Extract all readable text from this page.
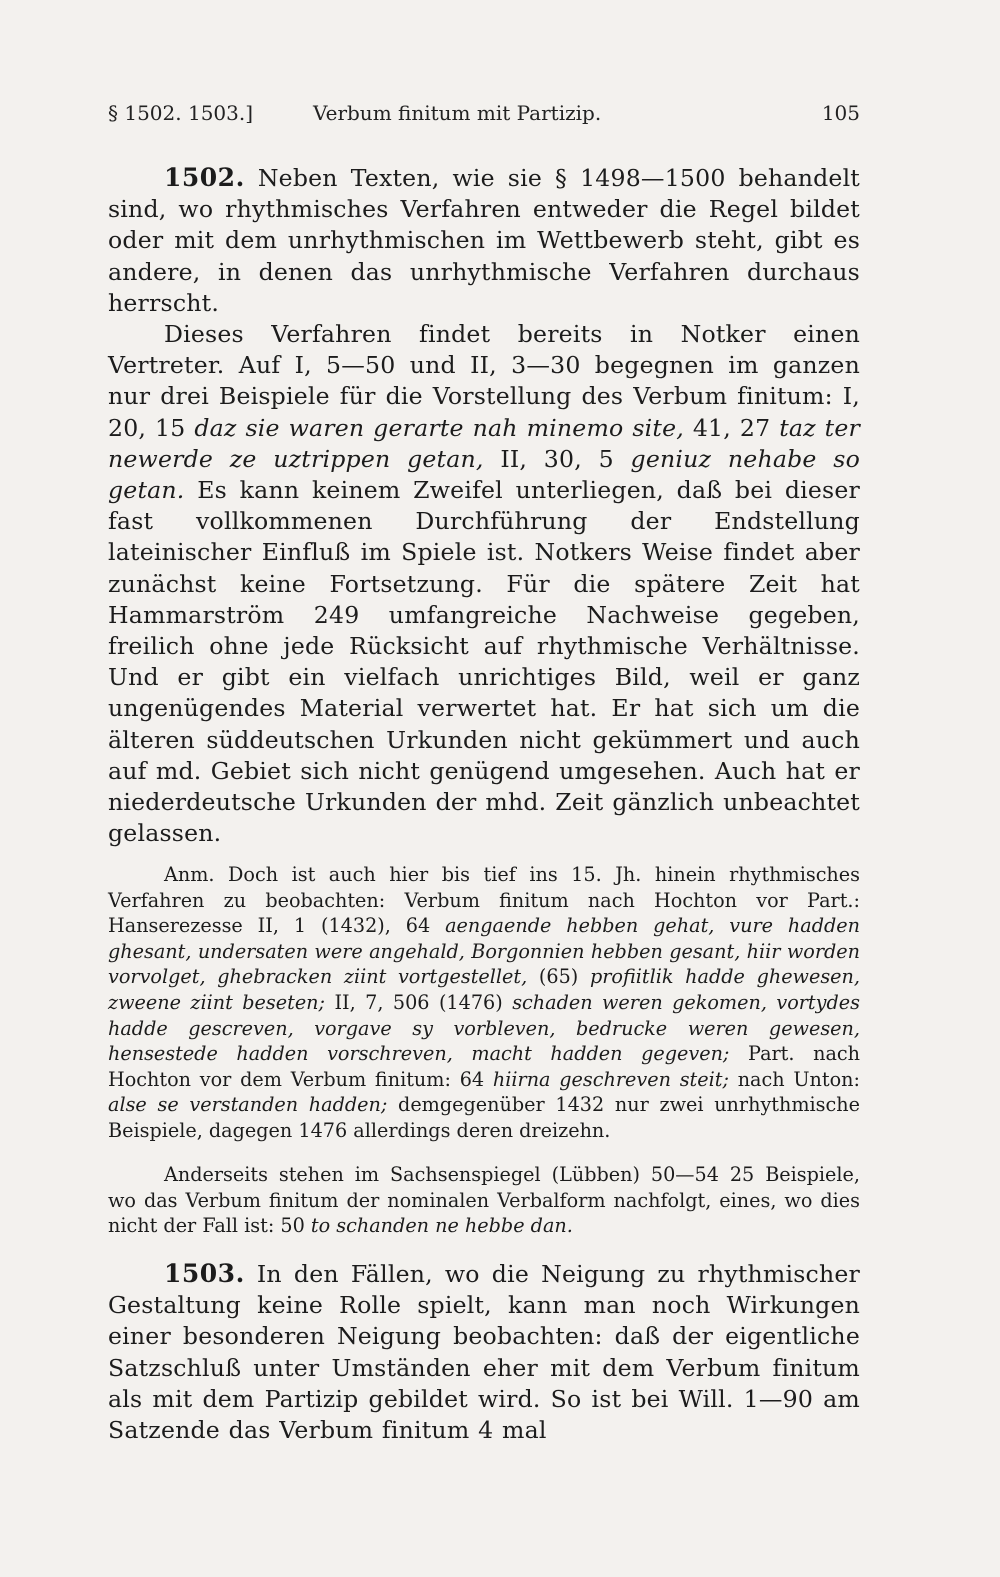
§ 1502. 1503.]	Verbum finitum mit Partizip.	105

1502. Neben Texten, wie sie § 1498—1500 behandelt sind, wo rhythmisches Verfahren entweder die Regel bildet oder mit dem unrhythmischen im Wettbewerb steht, gibt es andere, in denen das unrhythmische Verfahren durchaus herrscht.

Dieses Verfahren findet bereits in Notker einen Vertreter. Auf I, 5—50 und II, 3—30 begegnen im ganzen nur drei Beispiele für die Vorstellung des Verbum finitum: I, 20, 15 daz sie waren gerarte nah minemo site, 41, 27 taz ter newerde ze uztrippen getan, II, 30, 5 geniuz nehabe so getan. Es kann keinem Zweifel unterliegen, daß bei dieser fast vollkommenen Durchführung der Endstellung lateinischer Einfluß im Spiele ist. Notkers Weise findet aber zunächst keine Fortsetzung. Für die spätere Zeit hat Hammarström 249 umfangreiche Nachweise gegeben, freilich ohne jede Rücksicht auf rhythmische Verhältnisse. Und er gibt ein vielfach unrichtiges Bild, weil er ganz ungenügendes Material verwertet hat. Er hat sich um die älteren süddeutschen Urkunden nicht gekümmert und auch auf md. Gebiet sich nicht genügend umgesehen. Auch hat er niederdeutsche Urkunden der mhd. Zeit gänzlich unbeachtet gelassen.

Anm. Doch ist auch hier bis tief ins 15. Jh. hinein rhythmisches Verfahren zu beobachten: Verbum finitum nach Hochton vor Part.: Hanserezesse II, 1 (1432), 64 aengaende hebben gehat, vure hadden ghesant, undersaten were angehald, Borgonnien hebben gesant, hiir worden vorvolget, ghebracken ziint vortgestellet, (65) profiitlik hadde ghewesen, zweene ziint beseten; II, 7, 506 (1476) schaden weren gekomen, vortydes hadde gescreven, vorgave sy vorbleven, bedrucke weren gewesen, hensestede hadden vorschreven, macht hadden gegeven; Part. nach Hochton vor dem Verbum finitum: 64 hiirna geschreven steit; nach Unton: alse se verstanden hadden; demgegenüber 1432 nur zwei unrhythmische Beispiele, dagegen 1476 allerdings deren dreizehn.

Anderseits stehen im Sachsenspiegel (Lübben) 50—54 25 Beispiele, wo das Verbum finitum der nominalen Verbalform nachfolgt, eines, wo dies nicht der Fall ist: 50 to schanden ne hebbe dan.

1503. In den Fällen, wo die Neigung zu rhythmischer Gestaltung keine Rolle spielt, kann man noch Wirkungen einer besonderen Neigung beobachten: daß der eigentliche Satzschluß unter Umständen eher mit dem Verbum finitum als mit dem Partizip gebildet wird. So ist bei Will. 1—90 am Satzende das Verbum finitum 4 mal
